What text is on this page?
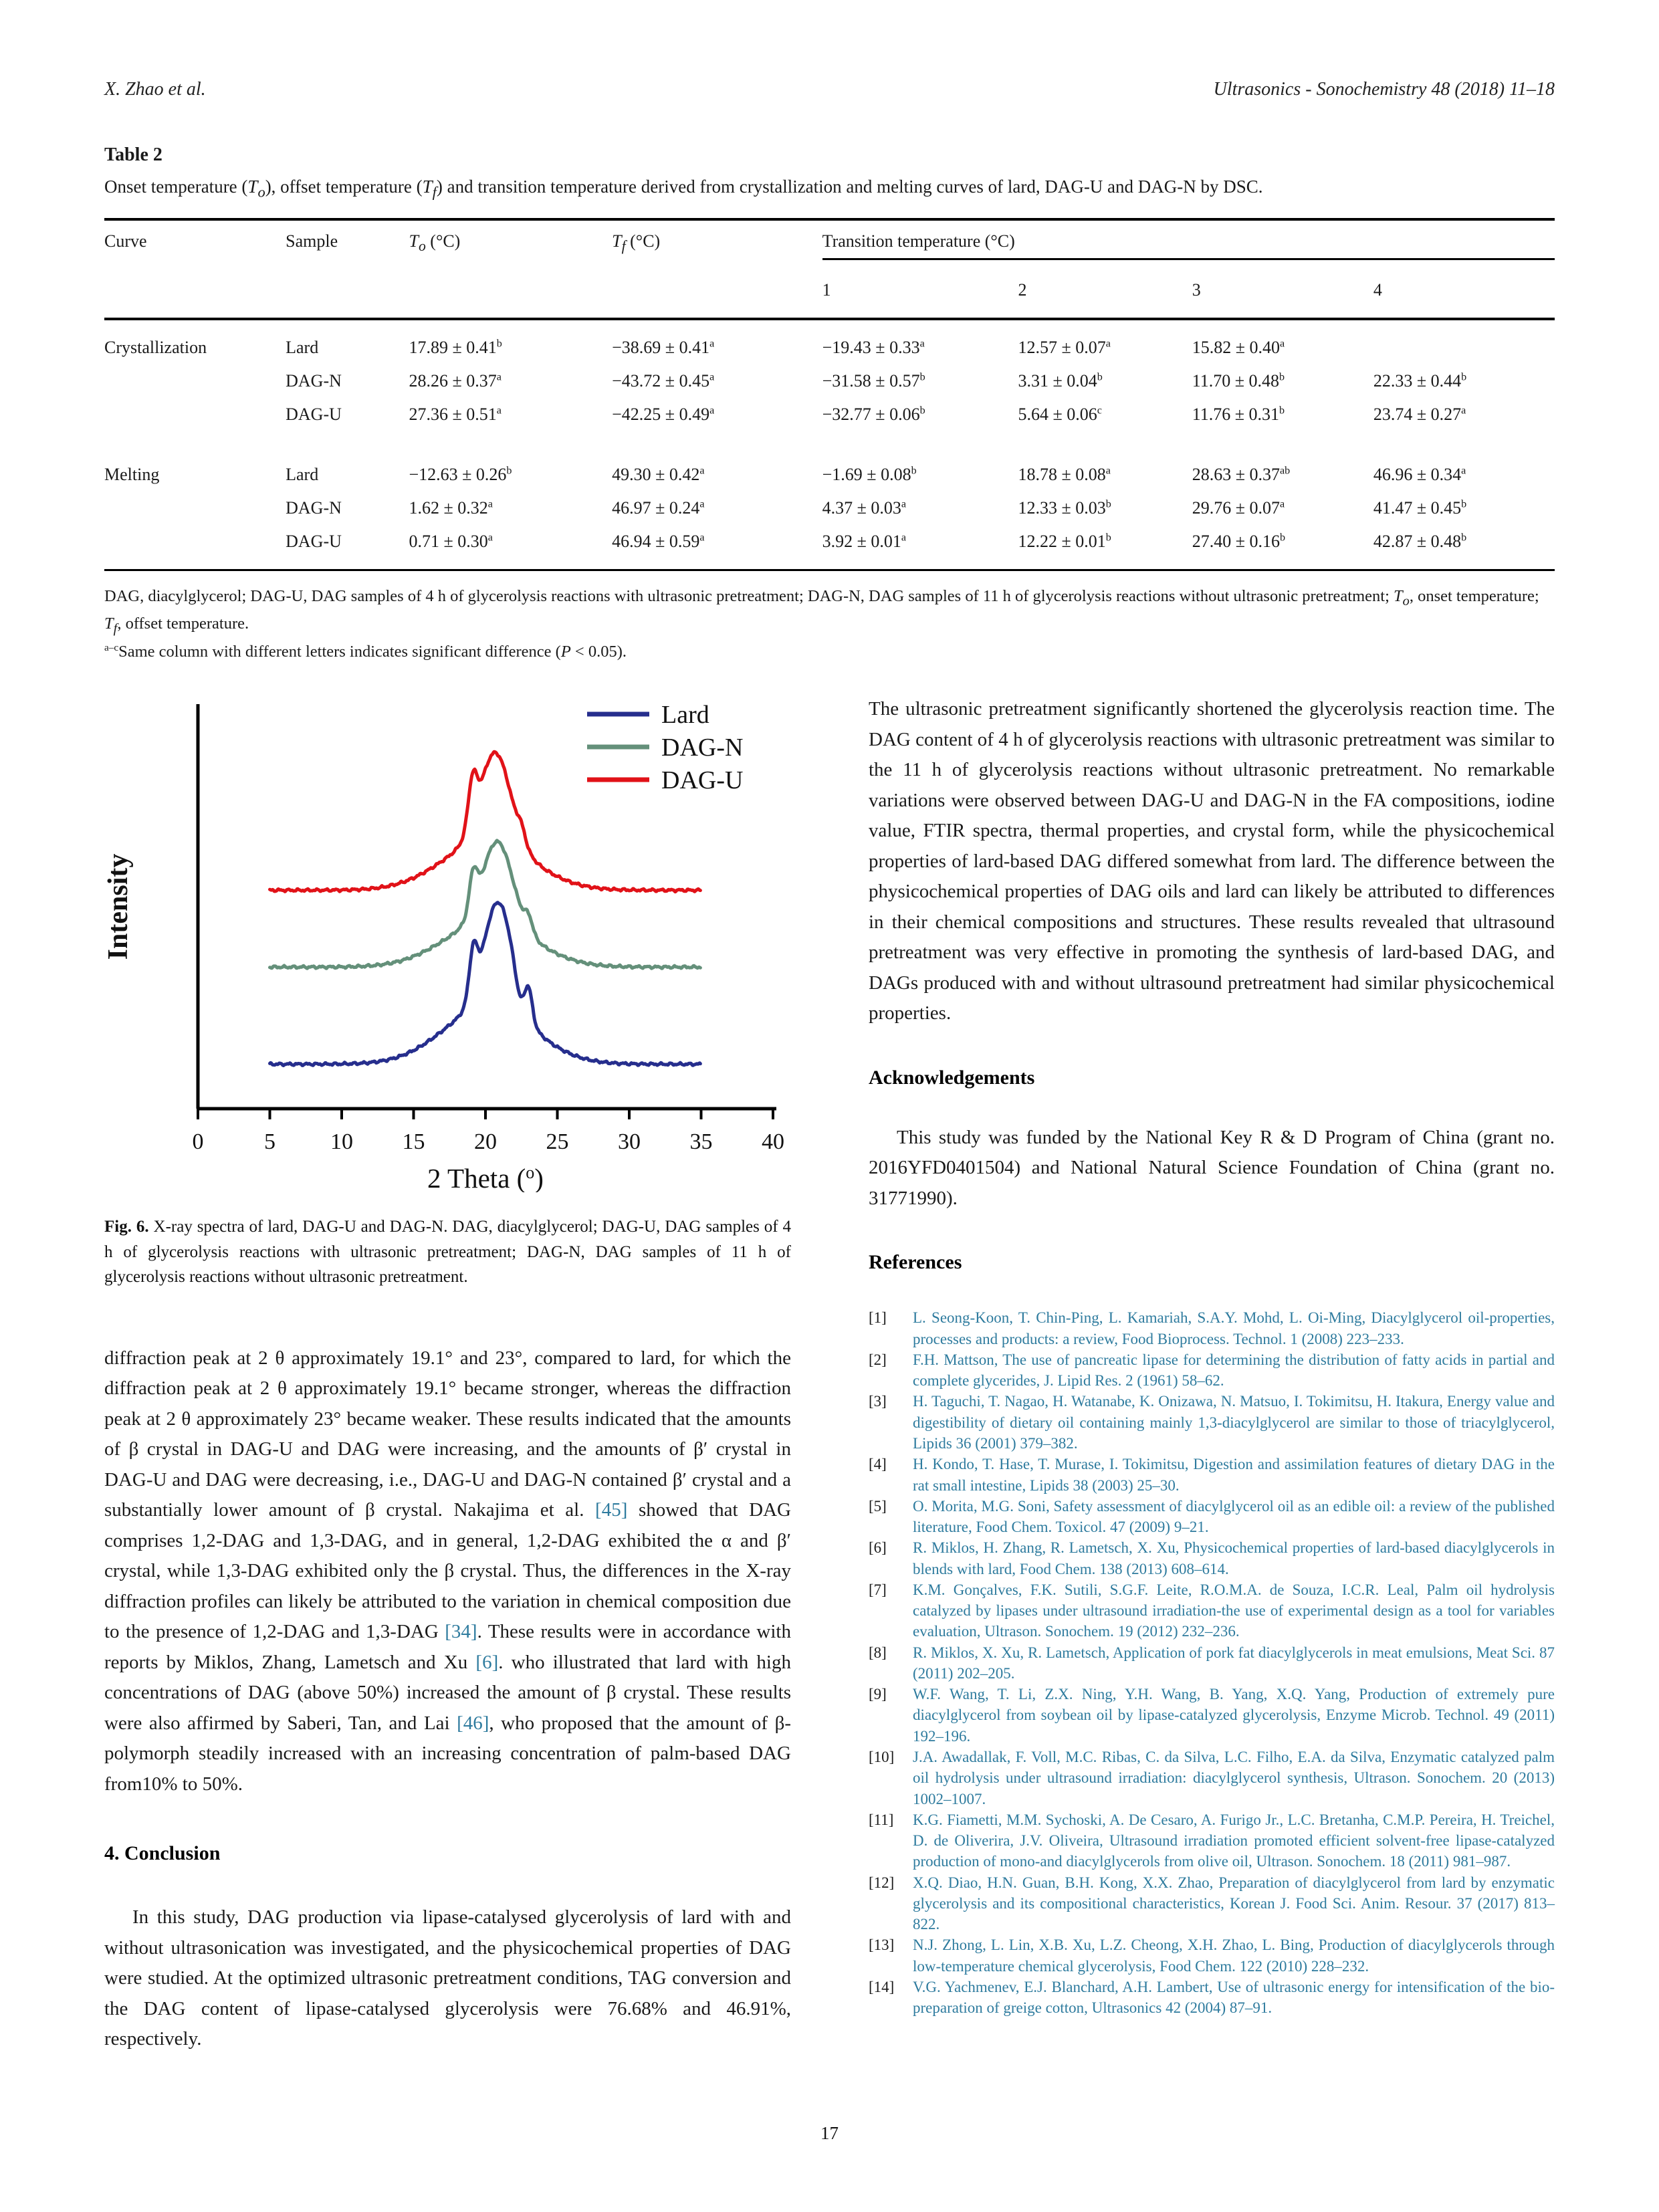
X. Zhao et al.	Ultrasonics - Sonochemistry 48 (2018) 11–18
Table 2
Onset temperature $(T_o)$, offset temperature $(T_f)$ and transition temperature derived from crystallization and melting curves of lard, DAG-U and DAG-N by DSC.
Curve	Sample	$T_o$ (°C)	$T_f$ (°C)	Transition temperature (°C)			
				1	2	3	4
Crystallization	Lard	17.89 ± 0.41$^b$	−38.69 ± 0.41$^a$	−19.43 ± 0.33$^a$	12.57 ± 0.07$^a$	15.82 ± 0.40$^a$	
	DAG-N	28.26 ± 0.37$^a$	−43.72 ± 0.45$^a$	−31.58 ± 0.57$^b$	3.31 ± 0.04$^b$	11.70 ± 0.48$^b$	22.33 ± 0.44$^b$
	DAG-U	27.36 ± 0.51$^a$	−42.25 ± 0.49$^a$	−32.77 ± 0.06$^b$	5.64 ± 0.06$^c$	11.76 ± 0.31$^b$	23.74 ± 0.27$^a$

Melting	Lard	−12.63 ± 0.26$^b$	49.30 ± 0.42$^a$	−1.69 ± 0.08$^b$	18.78 ± 0.08$^a$	28.63 ± 0.37$^{ab}$	46.96 ± 0.34$^a$
	DAG-N	1.62 ± 0.32$^a$	46.97 ± 0.24$^a$	4.37 ± 0.03$^a$	12.33 ± 0.03$^b$	29.76 ± 0.07$^a$	41.47 ± 0.45$^b$
	DAG-U	0.71 ± 0.30$^a$	46.94 ± 0.59$^a$	3.92 ± 0.01$^a$	12.22 ± 0.01$^b$	27.40 ± 0.16$^b$	42.87 ± 0.48$^b$
DAG, diacylglycerol; DAG-U, DAG samples of 4 h of glycerolysis reactions with ultrasonic pretreatment; DAG-N, DAG samples of 11 h of glycerolysis reactions without ultrasonic pretreatment; $T_o$, onset temperature; $T_f$, offset temperature.
$^{a-c}$Same column with different letters indicates significant difference (P < 0.05).
0	5 10 15 20 25 30 35 40
2 Theta ($^o$)
Intensity
Lard
DAG-N
DAG-U
Fig. 6. X-ray spectra of lard, DAG-U and DAG-N. DAG, diacylglycerol; DAG-U, DAG samples of 4 h of glycerolysis reactions with ultrasonic pretreatment; DAG-N, DAG samples of 11 h of glycerolysis reactions without ultrasonic pretreatment.

diffraction peak at 2 θ approximately 19.1° and 23°, compared to lard, for which the diffraction peak at 2 θ approximately 19.1° became stronger, whereas the diffraction peak at 2 θ approximately 23° became weaker. These results indicated that the amounts of β crystal in DAG-U and DAG were increasing, and the amounts of β′ crystal in DAG-U and DAG were decreasing, i.e., DAG-U and DAG-N contained β′ crystal and a substantially lower amount of β crystal. Nakajima et al. [45] showed that DAG comprises 1,2-DAG and 1,3-DAG, and in general, 1,2-DAG exhibited the α and β′ crystal, while 1,3-DAG exhibited only the β crystal. Thus, the differences in the X-ray diffraction profiles can likely be attributed to the variation in chemical composition due to the presence of 1,2-DAG and 1,3-DAG [34]. These results were in accordance with reports by Miklos, Zhang, Lametsch and Xu [6]. who illustrated that lard with high concentrations of DAG (above 50%) increased the amount of β crystal. These results were also affirmed by Saberi, Tan, and Lai [46], who proposed that the amount of β-polymorph steadily increased with an increasing concentration of palm-based DAG from10% to 50%.

4. Conclusion

In this study, DAG production via lipase-catalysed glycerolysis of lard with and without ultrasonication was investigated, and the physicochemical properties of DAG were studied. At the optimized ultrasonic pretreatment conditions, TAG conversion and the DAG content of lipase-catalysed glycerolysis were 76.68% and 46.91%, respectively.

The ultrasonic pretreatment significantly shortened the glycerolysis reaction time. The DAG content of 4 h of glycerolysis reactions with ultrasonic pretreatment was similar to the 11 h of glycerolysis reactions without ultrasonic pretreatment. No remarkable variations were observed between DAG-U and DAG-N in the FA compositions, iodine value, FTIR spectra, thermal properties, and crystal form, while the physicochemical properties of lard-based DAG differed somewhat from lard. The difference between the physicochemical properties of DAG oils and lard can likely be attributed to differences in their chemical compositions and structures. These results revealed that ultrasound pretreatment was very effective in promoting the synthesis of lard-based DAG, and DAGs produced with and without ultrasound pretreatment had similar physicochemical properties.

Acknowledgements

This study was funded by the National Key R & D Program of China (grant no. 2016YFD0401504) and National Natural Science Foundation of China (grant no. 31771990).

References
[1] L. Seong-Koon, T. Chin-Ping, L. Kamariah, S.A.Y. Mohd, L. Oi-Ming, Diacylglycerol oil-properties, processes and products: a review, Food Bioprocess. Technol. 1 (2008) 223–233.
[2] F.H. Mattson, The use of pancreatic lipase for determining the distribution of fatty acids in partial and complete glycerides, J. Lipid Res. 2 (1961) 58–62.
[3] H. Taguchi, T. Nagao, H. Watanabe, K. Onizawa, N. Matsuo, I. Tokimitsu, H. Itakura, Energy value and digestibility of dietary oil containing mainly 1,3-diacylglycerol are similar to those of triacylglycerol, Lipids 36 (2001) 379–382.
[4] H. Kondo, T. Hase, T. Murase, I. Tokimitsu, Digestion and assimilation features of dietary DAG in the rat small intestine, Lipids 38 (2003) 25–30.
[5] O. Morita, M.G. Soni, Safety assessment of diacylglycerol oil as an edible oil: a review of the published literature, Food Chem. Toxicol. 47 (2009) 9–21.
[6] R. Miklos, H. Zhang, R. Lametsch, X. Xu, Physicochemical properties of lard-based diacylglycerols in blends with lard, Food Chem. 138 (2013) 608–614.
[7] K.M. Gonçalves, F.K. Sutili, S.G.F. Leite, R.O.M.A. de Souza, I.C.R. Leal, Palm oil hydrolysis catalyzed by lipases under ultrasound irradiation-the use of experimental design as a tool for variables evaluation, Ultrason. Sonochem. 19 (2012) 232–236.
[8] R. Miklos, X. Xu, R. Lametsch, Application of pork fat diacylglycerols in meat emulsions, Meat Sci. 87 (2011) 202–205.
[9] W.F. Wang, T. Li, Z.X. Ning, Y.H. Wang, B. Yang, X.Q. Yang, Production of extremely pure diacylglycerol from soybean oil by lipase-catalyzed glycerolysis, Enzyme Microb. Technol. 49 (2011) 192–196.
[10] J.A. Awadallak, F. Voll, M.C. Ribas, C. da Silva, L.C. Filho, E.A. da Silva, Enzymatic catalyzed palm oil hydrolysis under ultrasound irradiation: diacylglycerol synthesis, Ultrason. Sonochem. 20 (2013) 1002–1007.
[11] K.G. Fiametti, M.M. Sychoski, A. De Cesaro, A. Furigo Jr., L.C. Bretanha, C.M.P. Pereira, H. Treichel, D. de Oliverira, J.V. Oliveira, Ultrasound irradiation promoted efficient solvent-free lipase-catalyzed production of mono-and diacylglycerols from olive oil, Ultrason. Sonochem. 18 (2011) 981–987.
[12] X.Q. Diao, H.N. Guan, B.H. Kong, X.X. Zhao, Preparation of diacylglycerol from lard by enzymatic glycerolysis and its compositional characteristics, Korean J. Food Sci. Anim. Resour. 37 (2017) 813–822.
[13] N.J. Zhong, L. Lin, X.B. Xu, L.Z. Cheong, X.H. Zhao, L. Bing, Production of diacylglycerols through low-temperature chemical glycerolysis, Food Chem. 122 (2010) 228–232.
[14] V.G. Yachmenev, E.J. Blanchard, A.H. Lambert, Use of ultrasonic energy for intensification of the bio-preparation of greige cotton, Ultrasonics 42 (2004) 87–91.
17
